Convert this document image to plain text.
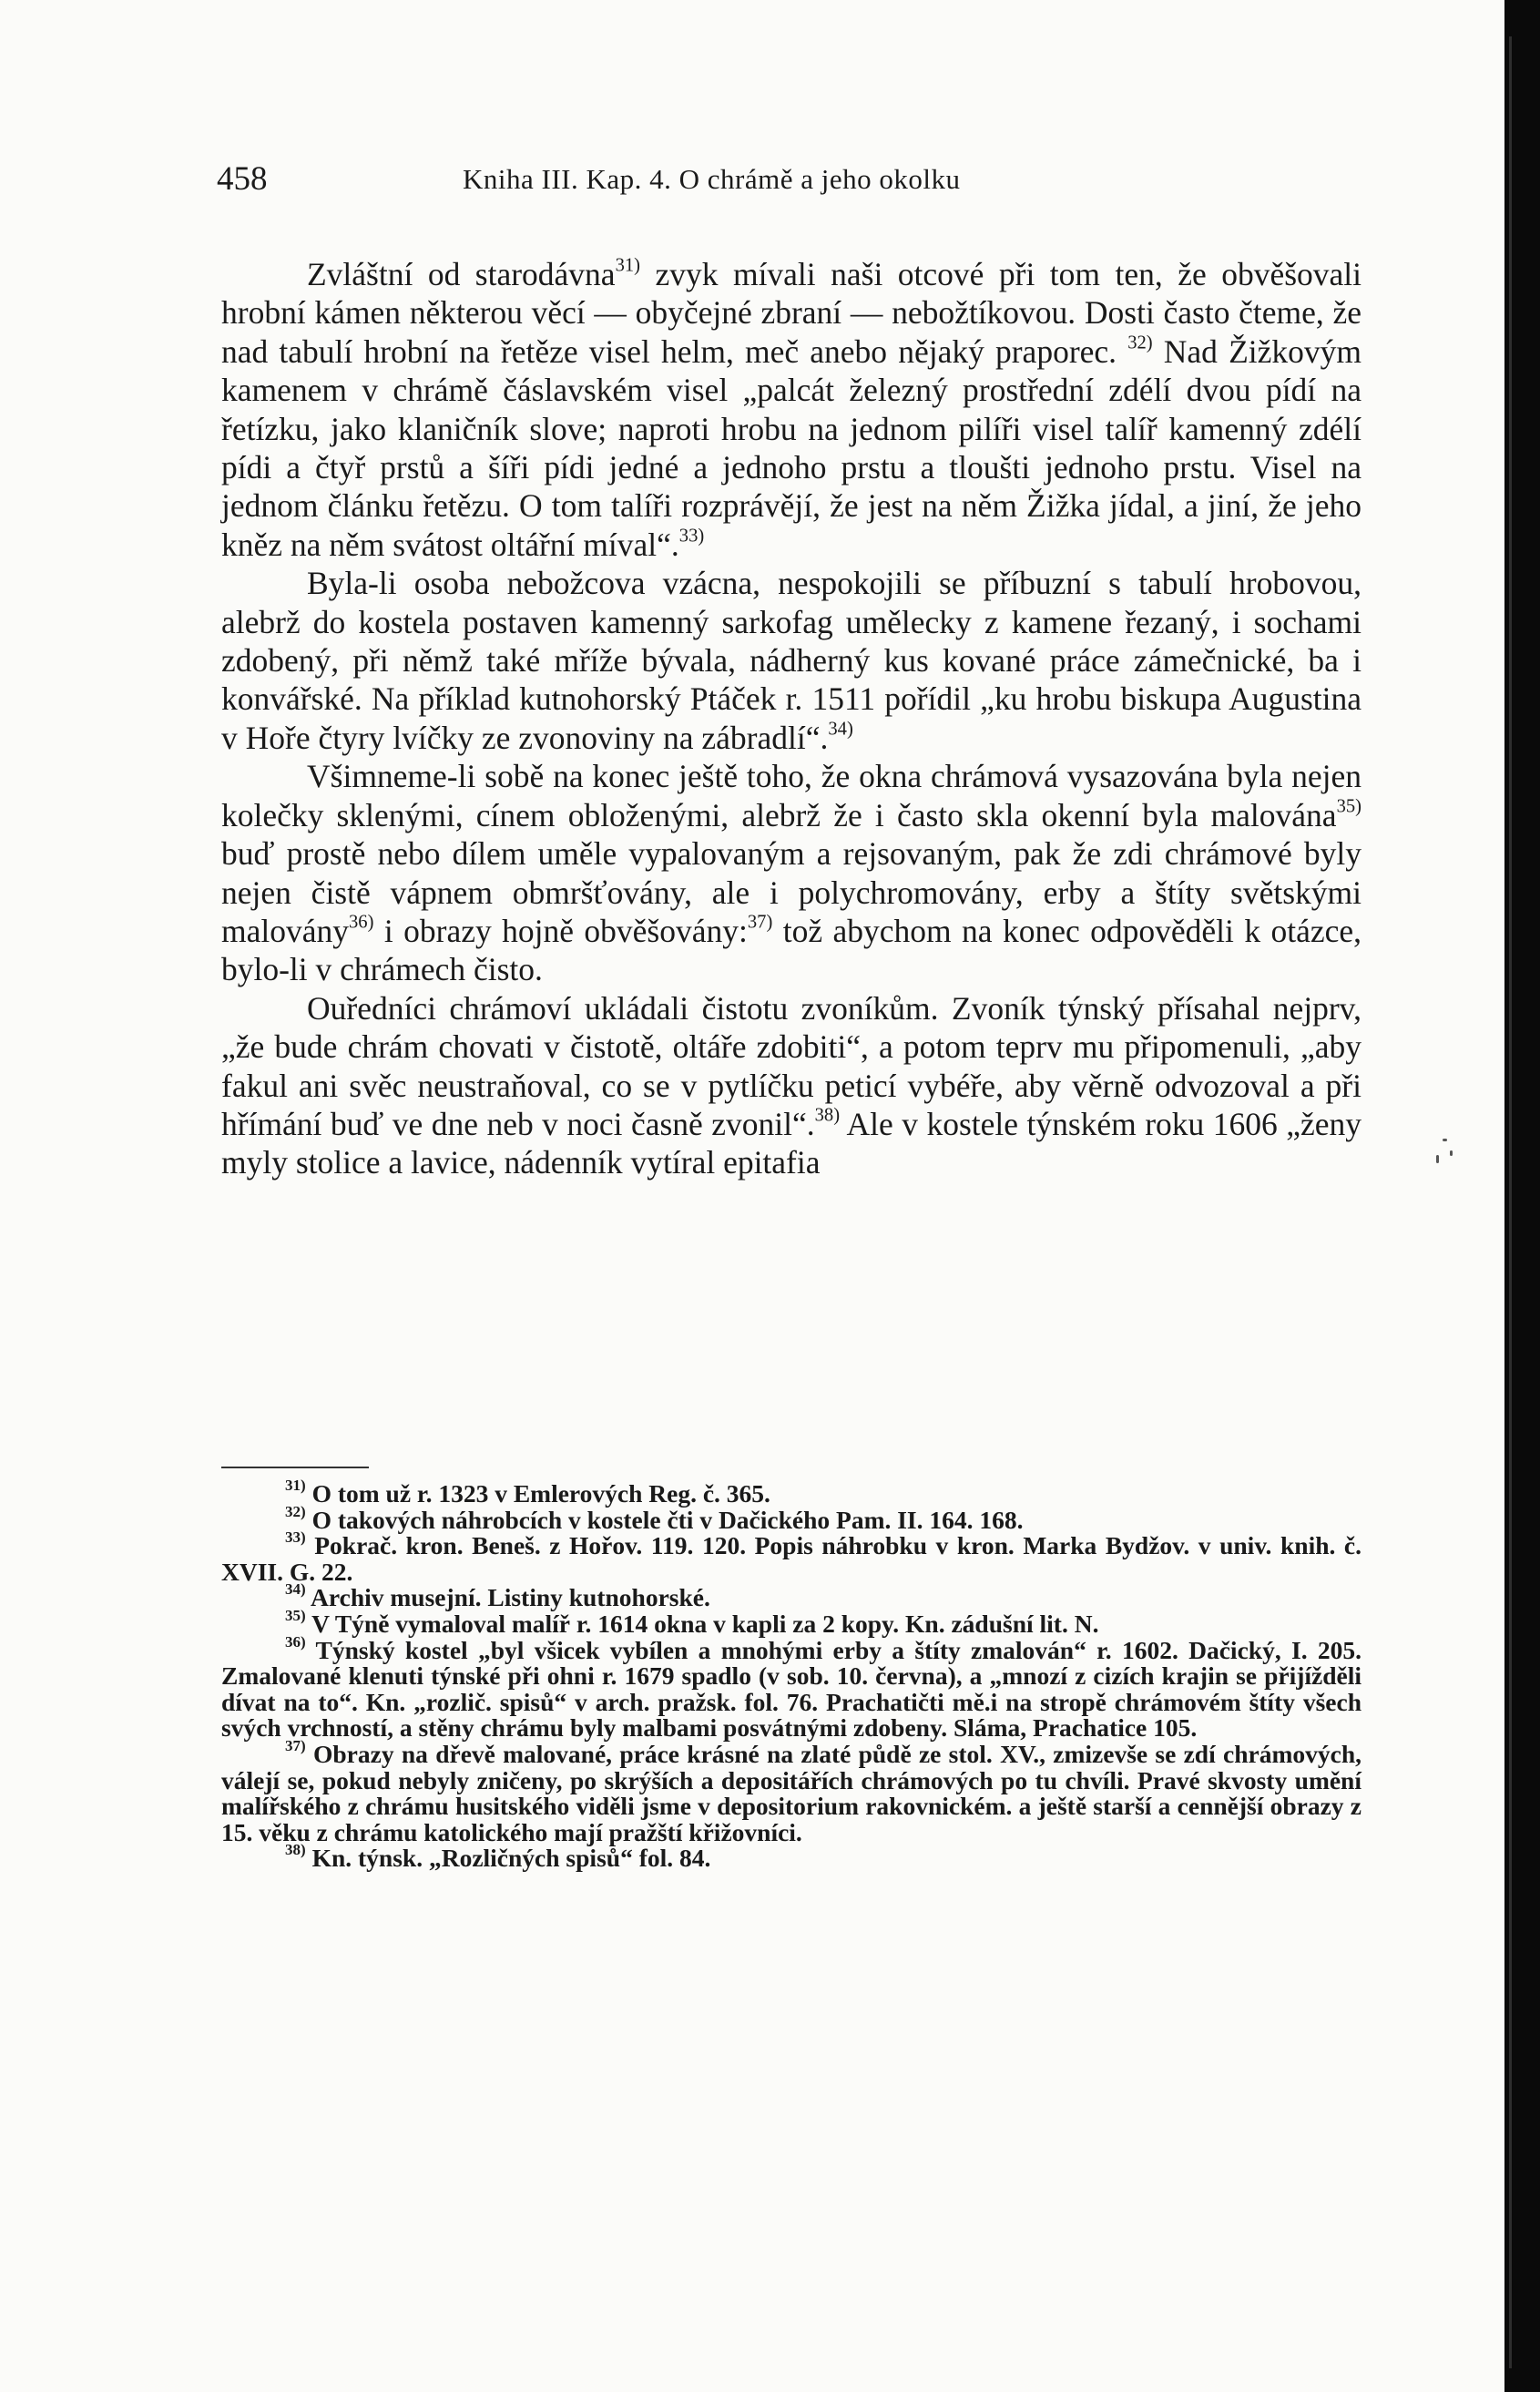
458	Kniha III. Kap. 4. O chrámě a jeho okolku

Zvláštní od starodávna$^{31)}$ zvyk mívali naši otcové při tom ten, že obvěšovali hrobní kámen některou věcí — obyčejné zbraní — nebožtíkovou. Dosti často čteme, že nad tabulí hrobní na řetěze visel helm, meč anebo nějaký praporec. $^{32)}$ Nad Žižkovým kamenem v chrámě čáslavském visel „palcát železný prostřední zdélí dvou pídí na řetízku, jako klaničník slove; naproti hrobu na jednom pilíři visel talíř kamenný zdélí pídi a čtyř prstů a šíři pídi jedné a jednoho prstu a tloušti jednoho prstu. Visel na jednom článku řetězu. O tom talíři rozprávějí, že jest na něm Žižka jídal, a jiní, že jeho kněz na něm svátost oltářní míval“.$^{33)}$

Byla-li osoba nebožcova vzácna, nespokojili se příbuzní s tabulí hrobovou, alebrž do kostela postaven kamenný sarkofag umělecky z kamene řezaný, i sochami zdobený, při němž také mříže bývala, nádherný kus kované práce zámečnické, ba i konvářské. Na příklad kutnohorský Ptáček r. 1511 pořídil „ku hrobu biskupa Augustina v Hoře čtyry lvíčky ze zvonoviny na zábradlí“.$^{34)}$

Všimneme-li sobě na konec ještě toho, že okna chrámová vysazována byla nejen kolečky sklenými, cínem obloženými, alebrž že i často skla okenní byla malována$^{35)}$ buď prostě nebo dílem uměle vypalovaným a rejsovaným, pak že zdi chrámové byly nejen čistě vápnem obmršťovány, ale i polychromovány, erby a štíty světskými malovány$^{36)}$ i obrazy hojně obvěšovány:$^{37)}$ tož abychom na konec odpověděli k otázce, bylo-li v chrámech čisto.

Ouředníci chrámoví ukládali čistotu zvoníkům. Zvoník týnský přísahal nejprv, „že bude chrám chovati v čistotě, oltáře zdobiti“, a potom teprv mu připomenuli, „aby fakul ani svěc neustraňoval, co se v pytlíčku peticí vybéře, aby věrně odvozoval a při hřímání buď ve dne neb v noci časně zvonil“.$^{38)}$ Ale v kostele týnském roku 1606 „ženy myly stolice a lavice, nádenník vytíral epitafia

$^{31)}$ O tom už r. 1323 v Emlerových Reg. č. 365.

$^{32)}$ O takových náhrobcích v kostele čti v Dačického Pam. II. 164. 168.

$^{33)}$ Pokrač. kron. Beneš. z Hořov. 119. 120. Popis náhrobku v kron. Marka Bydžov. v univ. knih. č. XVII. G. 22.

$^{34)}$ Archiv musejní. Listiny kutnohorské.

$^{35)}$ V Týně vymaloval malíř r. 1614 okna v kapli za 2 kopy. Kn. zádušní lit. N.

$^{36)}$ Týnský kostel „byl všicek vybílen a mnohými erby a štíty zmalován“ r. 1602. Dačický, I. 205. Zmalované klenuti týnské při ohni r. 1679 spadlo (v sob. 10. června), a „mnozí z cizích krajin se přijížděli dívat na to“. Kn. „rozlič. spisů“ v arch. pražsk. fol. 76. Prachatičti mě.i na stropě chrámovém štíty všech svých vrchností, a stěny chrámu byly malbami posvátnými zdobeny. Sláma, Prachatice 105.

$^{37)}$ Obrazy na dřevě malované, práce krásné na zlaté půdě ze stol. XV., zmizevše se zdí chrámových, válejí se, pokud nebyly zničeny, po skrýších a depositářích chrámových po tu chvíli. Pravé skvosty umění malířského z chrámu husitského viděli jsme v depositorium rakovnickém. a ještě starší a cennější obrazy z 15. věku z chrámu katolického mají pražští křižovníci.

$^{38)}$ Kn. týnsk. „Rozličných spisů“ fol. 84.
